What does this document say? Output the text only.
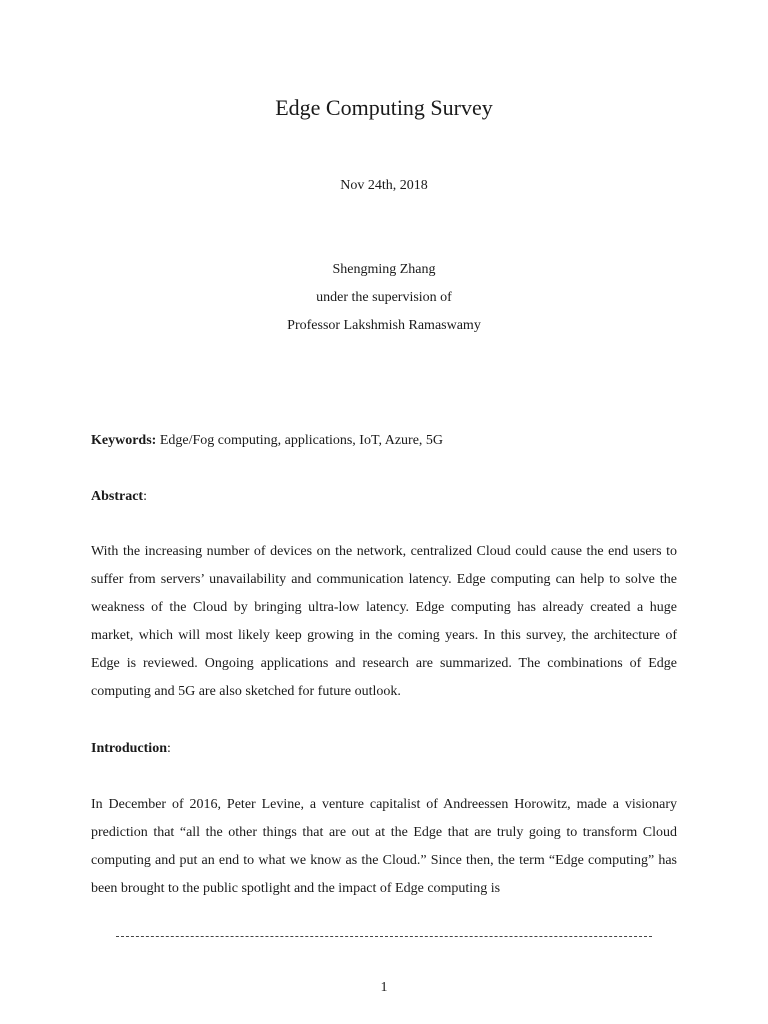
Edge Computing Survey
Nov 24th, 2018
Shengming Zhang
under the supervision of
Professor Lakshmish Ramaswamy
Keywords: Edge/Fog computing, applications, IoT, Azure, 5G
Abstract:
With the increasing number of devices on the network, centralized Cloud could cause the end users to suffer from servers’ unavailability and communication latency. Edge computing can help to solve the weakness of the Cloud by bringing ultra-low latency. Edge computing has already created a huge market, which will most likely keep growing in the coming years. In this survey, the architecture of Edge is reviewed. Ongoing applications and research are summarized. The combinations of Edge computing and 5G are also sketched for future outlook.
Introduction:
In December of 2016, Peter Levine, a venture capitalist of Andreessen Horowitz, made a visionary prediction that “all the other things that are out at the Edge that are truly going to transform Cloud computing and put an end to what we know as the Cloud.” Since then, the term “Edge computing” has been brought to the public spotlight and the impact of Edge computing is
1
